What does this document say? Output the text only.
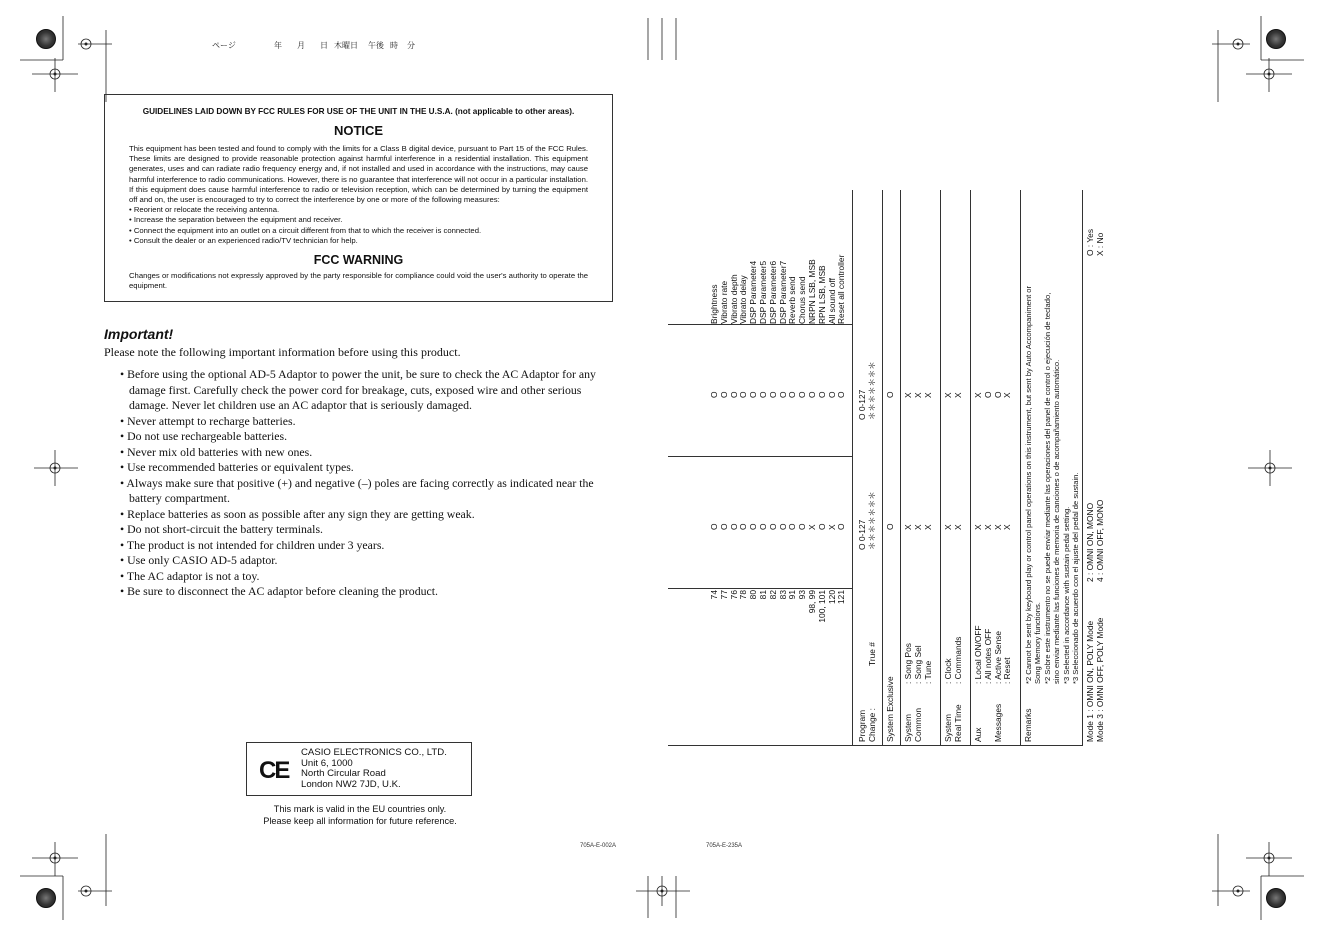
ページ	年 月 日 木曜日 午後 時 分
GUIDELINES LAID DOWN BY FCC RULES FOR USE OF THE UNIT IN THE U.S.A. (not applicable to other areas).
NOTICE

This equipment has been tested and found to comply with the limits for a Class B digital device, pursuant to Part 15 of the FCC Rules. These limits are designed to provide reasonable protection against harmful interference in a residential installation. This equipment generates, uses and can radiate radio frequency energy and, if not installed and used in accordance with the instructions, may cause harmful interference to radio communications. However, there is no guarantee that interference will not occur in a particular installation. If this equipment does cause harmful interference to radio or television reception, which can be determined by turning the equipment off and on, the user is encouraged to try to correct the interference by one or more of the following measures:

• Reorient or relocate the receiving antenna.
• Increase the separation between the equipment and receiver.
• Connect the equipment into an outlet on a circuit different from that to which the receiver is connected.
• Consult the dealer or an experienced radio/TV technician for help.
FCC WARNING

Changes or modifications not expressly approved by the party responsible for compliance could void the user's authority to operate the equipment.

Important!
Please note the following important information before using this product.
• Before using the optional AD-5 Adaptor to power the unit, be sure to check the AC Adaptor for any damage first. Carefully check the power cord for breakage, cuts, exposed wire and other serious damage. Never let children use an AC adaptor that is seriously damaged.
• Never attempt to recharge batteries.
• Do not use rechargeable batteries.
• Never mix old batteries with new ones.
• Use recommended batteries or equivalent types.
• Always make sure that positive (+) and negative (–) poles are facing correctly as indicated near the battery compartment.
• Replace batteries as soon as possible after any sign they are getting weak.
• Do not short-circuit the battery terminals.
• The product is not intended for children under 3 years.
• Use only CASIO AD-5 adaptor.
• The AC adaptor is not a toy.
• Be sure to disconnect the AC adaptor before cleaning the product.
CE
CASIO ELECTRONICS CO., LTD.
Unit 6, 1000
North Circular Road
London NW2 7JD, U.K.
This mark is valid in the EU countries only.
Please keep all information for future reference.
705A-E-002A	705A-E-235A
74 77 76 78 80 81 82 83 91 93 98, 99 100, 101 120 121
O O O O O O O O O O X O X O
O O O O O O O O O O O O O O
Brightness Vibrato rate Vibrato depth Vibrato delay DSP Parameter4 DSP Parameter5 DSP Parameter6 DSP Parameter7 Reverb send Chorus send NRPN LSB, MSB RPN LSB, MSB All sound off Reset all controller
Program Change :
True #
O 0-127 ＊＊＊＊＊＊＊
O 0-127 ＊＊＊＊＊＊＊
System Exclusive
O
O
System Common
: Song Pos : Song Sel : Tune
X X X
X X X
System Real Time
: Clock : Commands
X X
X X
Aux
Messages
: Local ON/OFF : All notes OFF : Active Sense : Reset
X X X X
X O O X
Remarks
*2 Cannot be sent by keyboard play or control panel operations on this instrument, but sent by Auto Accompaniment or Song Memory functions. *2 Sobre este instrumento no se puede enviar mediante las operaciones del panel de control o ejecución de teclado, sino enviar mediante las funciones de memoria de canciones o de acompañamiento automático. *3 Selected in accordance with sustain pedal setting. *3 Seleccionado de acuerdo con el ajuste del pedal de sustain. Mode 1 : OMNI ON, POLY Mode Mode 3 : OMNI OFF, POLY Mode
2 : OMNI ON, MONO 4 : OMNI OFF, MONO
O : Yes X : No
